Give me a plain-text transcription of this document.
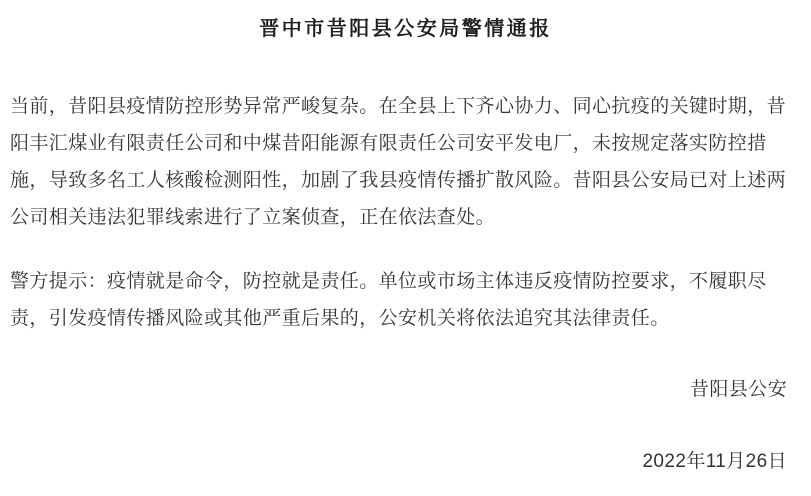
晋中市昔阳县公安局警情通报

当前，昔阳县疫情防控形势异常严峻复杂。在全县上下齐心协力、同心抗疫的关键时期，昔阳丰汇煤业有限责任公司和中煤昔阳能源有限责任公司安平发电厂，未按规定落实防控措施，导致多名工人核酸检测阳性，加剧了我县疫情传播扩散风险。昔阳县公安局已对上述两公司相关违法犯罪线索进行了立案侦查，正在依法查处。

警方提示：疫情就是命令，防控就是责任。单位或市场主体违反疫情防控要求，不履职尽责，引发疫情传播风险或其他严重后果的，公安机关将依法追究其法律责任。

昔阳县公安

2022年11月26日
